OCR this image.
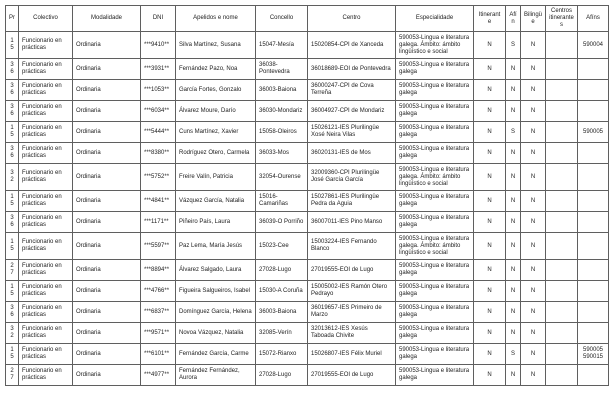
Pr	Colectivo	Modalidade	DNI	Apelidos e nome	Concello	Centro	Especialidade	Itinerante	Afín	Bilingüe	Centros itinerantes	Afíns
15	Funcionario en prácticas	Ordinaria	***9410**	Silva Martínez, Susana	15047-Mesía	15020854-CPI de Xanceda	590053-Lingua e literatura galega. Ámbito: ámbito lingüístico e social	N	S	N		590004
36	Funcionario en prácticas	Ordinaria	***3931**	Fernández Pazo, Noa	36038-Pontevedra	36018689-EOI de Pontevedra	590053-Lingua e literatura galega	N	N	N		
36	Funcionario en prácticas	Ordinaria	***1053**	García Fortes, Gonzalo	36003-Baiona	36000247-CPI de Cova Terreña	590053-Lingua e literatura galega	N	N	N		
36	Funcionario en prácticas	Ordinaria	***6034**	Álvarez Moure, Darío	36030-Mondariz	36004927-CPI de Mondariz	590053-Lingua e literatura galega	N	N	N		
15	Funcionario en prácticas	Ordinaria	***5444**	Cuns Martínez, Xavier	15058-Oleiros	15026121-IES Plurilingüe Xosé Neira Vilas	590053-Lingua e literatura galega	N	S	N		590005
36	Funcionario en prácticas	Ordinaria	***8380**	Rodríguez Otero, Carmela	36033-Mos	36020131-IES de Mos	590053-Lingua e literatura galega	N	N	N		
32	Funcionario en prácticas	Ordinaria	***5752**	Freire Valín, Patricia	32054-Ourense	32009360-CPI Plurilingüe José García García	590053-Lingua e literatura galega. Ámbito: ámbito lingüístico e social	N	N	N		
15	Funcionario en prácticas	Ordinaria	***4841**	Vázquez García, Natalia	15016-Camariñas	15027861-IES Plurilingüe Pedra da Aguia	590053-Lingua e literatura galega	N	N	N		
36	Funcionario en prácticas	Ordinaria	***1171**	Piñeiro País, Laura	36039-O Porriño	36007011-IES Pino Manso	590053-Lingua e literatura galega	N	N	N		
15	Funcionario en prácticas	Ordinaria	***5597**	Paz Lema, María Jesús	15023-Cee	15003224-IES Fernando Blanco	590053-Lingua e literatura galega. Ámbito: ámbito lingüístico e social	N	N	N		
27	Funcionario en prácticas	Ordinaria	***8894**	Álvarez Salgado, Laura	27028-Lugo	27019555-EOI de Lugo	590053-Lingua e literatura galega	N	N	N		
15	Funcionario en prácticas	Ordinaria	***4766**	Figueira Salgueiros, Isabel	15030-A Coruña	15005002-IES Ramón Otero Pedrayo	590053-Lingua e literatura galega	N	N	N		
36	Funcionario en prácticas	Ordinaria	***6837**	Domínguez García, Helena	36003-Baiona	36019657-IES Primeiro de Marzo	590053-Lingua e literatura galega	N	N	N		
32	Funcionario en prácticas	Ordinaria	***9571**	Novoa Vázquez, Natalia	32085-Verín	32013612-IES Xesús Taboada Chivite	590053-Lingua e literatura galega	N	N	N		
15	Funcionario en prácticas	Ordinaria	***6101**	Fernández García, Carme	15072-Rianxo	15026807-IES Félix Muriel	590053-Lingua e literatura galega	N	S	N		590005 590015
27	Funcionario en prácticas	Ordinaria	***4977**	Fernández Fernández, Aurora	27028-Lugo	27019555-EOI de Lugo	590053-Lingua e literatura galega	N	N	N		
